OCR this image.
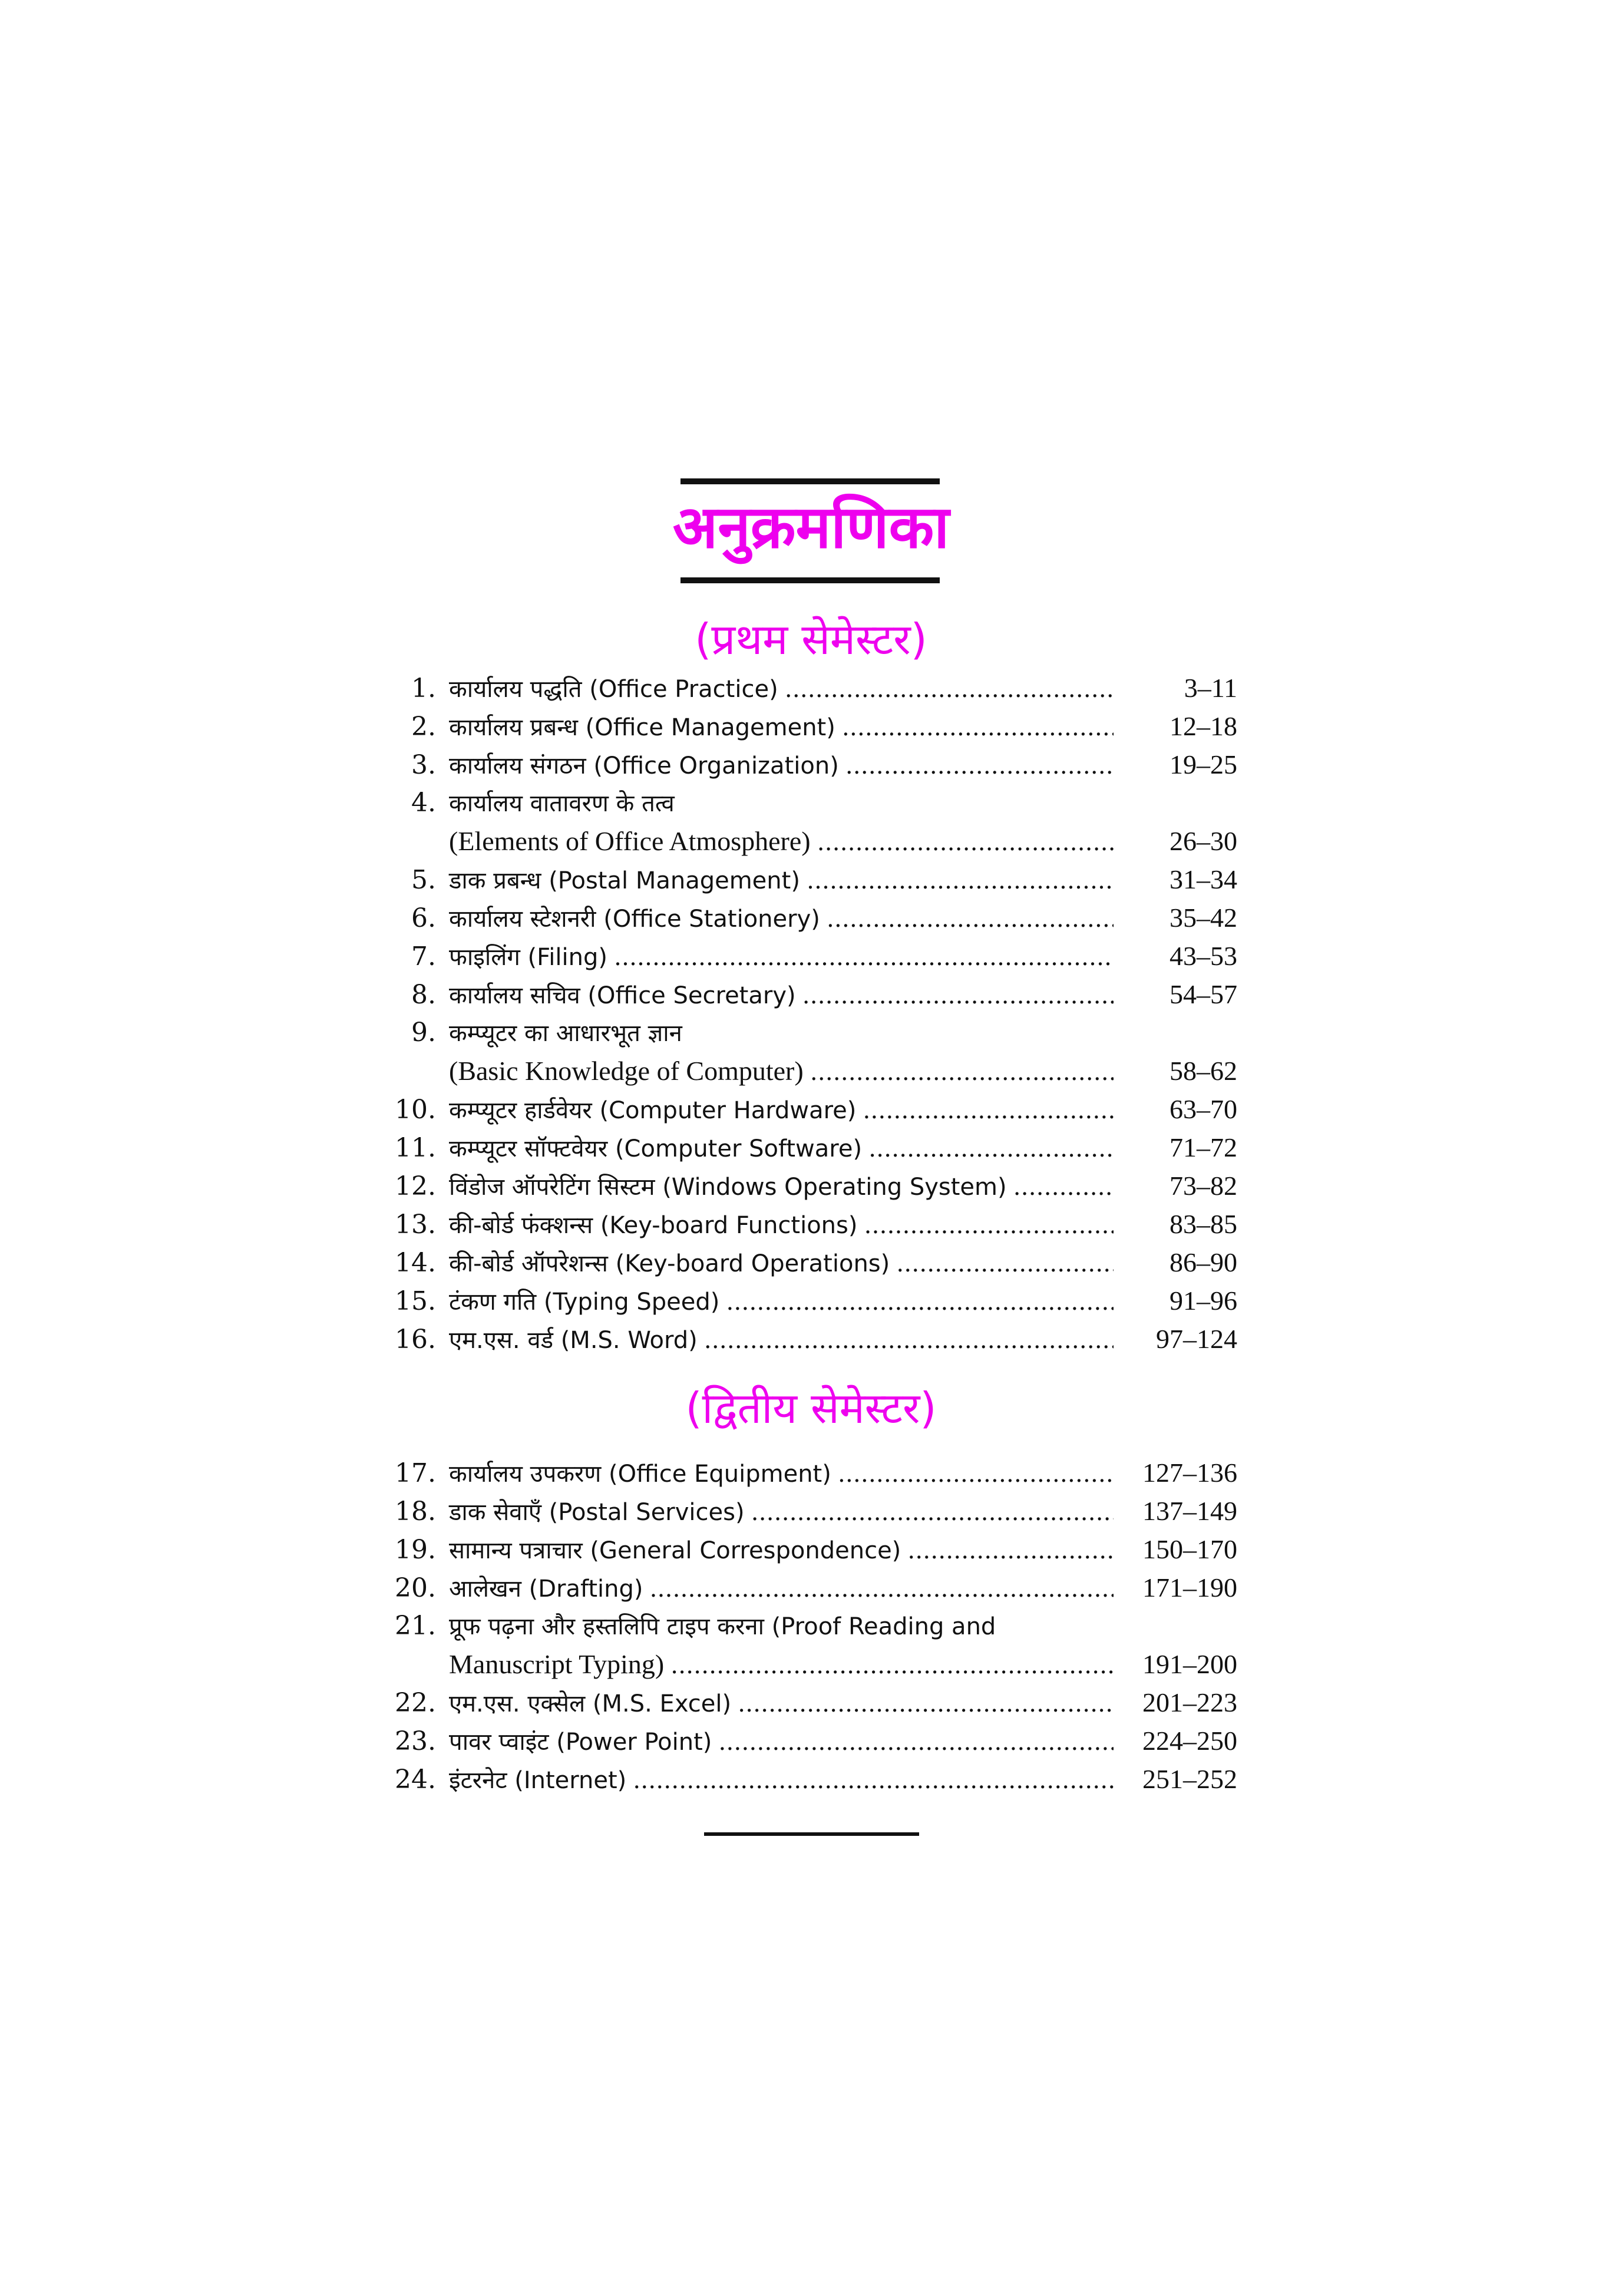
अनुक्रमणिका
(प्रथम सेमेस्टर)
1. कार्यालय पद्धति (Office Practice) .....	3–11
2. कार्यालय प्रबन्ध (Office Management) .....	12–18
3. कार्यालय संगठन (Office Organization) .....	19–25
4. कार्यालय वातावरण के तत्व
(Elements of Office Atmosphere) .....	26–30
5. डाक प्रबन्ध (Postal Management) .....	31–34
6. कार्यालय स्टेशनरी (Office Stationery) .....	35–42
7. फाइलिंग (Filing) .....	43–53
8. कार्यालय सचिव (Office Secretary) .....	54–57
9. कम्प्यूटर का आधारभूत ज्ञान
(Basic Knowledge of Computer) .....	58–62
10. कम्प्यूटर हार्डवेयर (Computer Hardware) .....	63–70
11. कम्प्यूटर सॉफ्टवेयर (Computer Software) .....	71–72
12. विंडोज ऑपरेटिंग सिस्टम (Windows Operating System) .....	73–82
13. की-बोर्ड फंक्शन्स (Key-board Functions) .....	83–85
14. की-बोर्ड ऑपरेशन्स (Key-board Operations) .....	86–90
15. टंकण गति (Typing Speed) .....	91–96
16. एम.एस. वर्ड (M.S. Word) .....	97–124
(द्वितीय सेमेस्टर)
17. कार्यालय उपकरण (Office Equipment) .....	127–136
18. डाक सेवाएँ (Postal Services) .....	137–149
19. सामान्य पत्राचार (General Correspondence) .....	150–170
20. आलेखन (Drafting) .....	171–190
21. प्रूफ पढ़ना और हस्तलिपि टाइप करना (Proof Reading and
Manuscript Typing) .....	191–200
22. एम.एस. एक्सेल (M.S. Excel) .....	201–223
23. पावर प्वाइंट (Power Point) .....	224–250
24. इंटरनेट (Internet) .....	251–252
